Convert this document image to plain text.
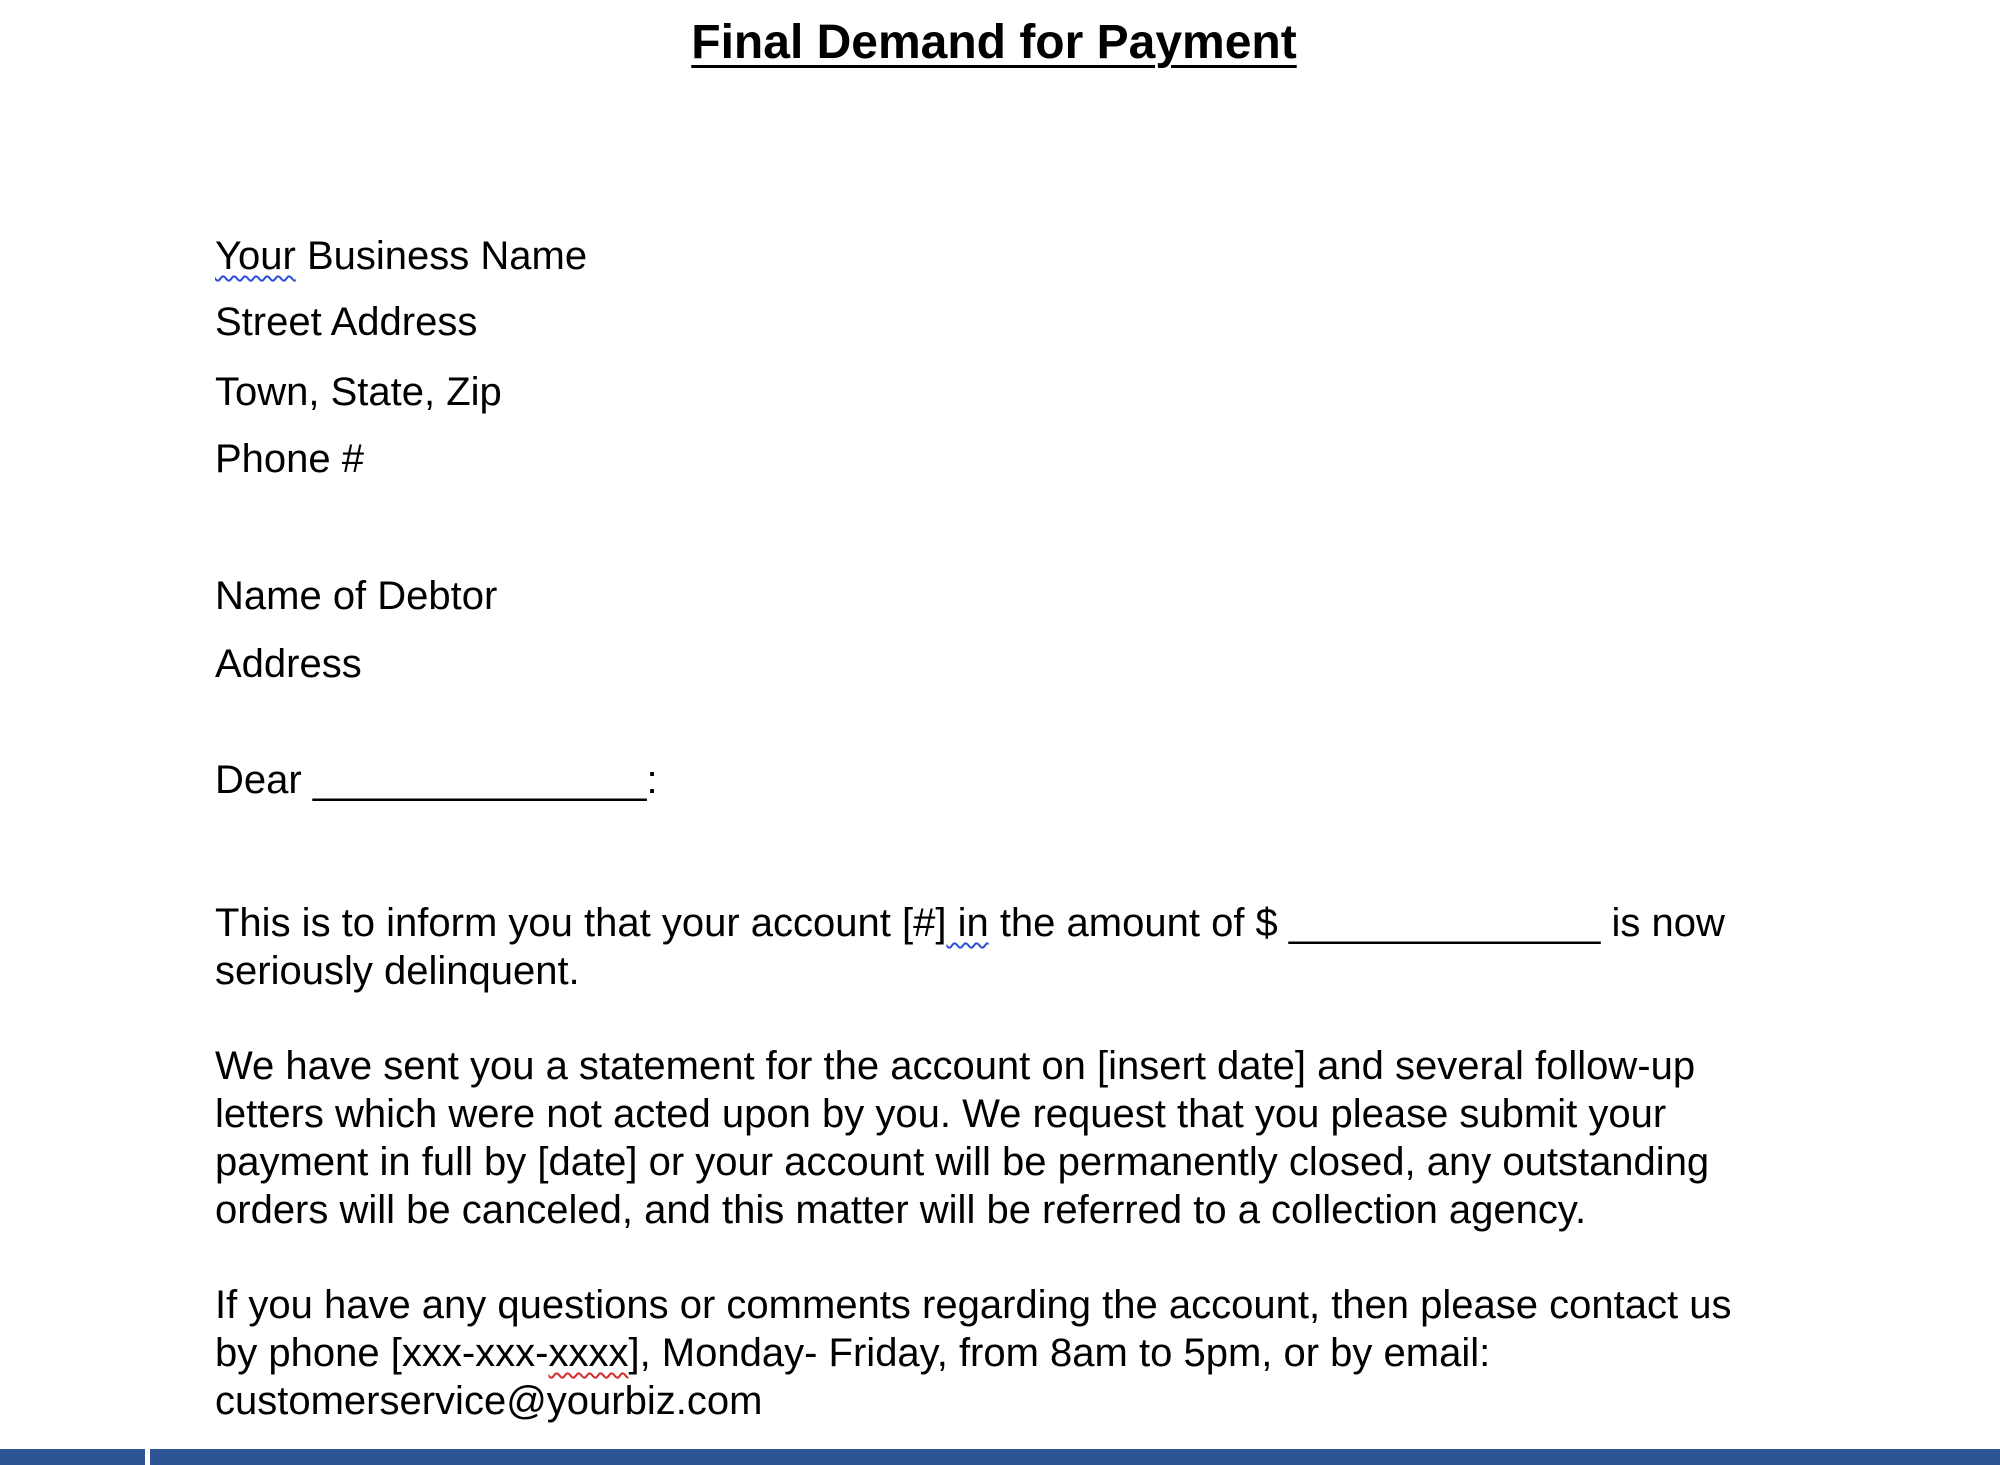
Final Demand for Payment
Your Business Name
Street Address
Town, State, Zip
Phone #
Name of Debtor
Address
Dear _______________:
This is to inform you that your account [#] in the amount of $ ______________ is now seriously delinquent.
We have sent you a statement for the account on [insert date] and several follow-up letters which were not acted upon by you. We request that you please submit your payment in full by [date] or your account will be permanently closed, any outstanding orders will be canceled, and this matter will be referred to a collection agency.
If you have any questions or comments regarding the account, then please contact us by phone [xxx-xxx-xxxx], Monday- Friday, from 8am to 5pm, or by email: customerservice@yourbiz.com
